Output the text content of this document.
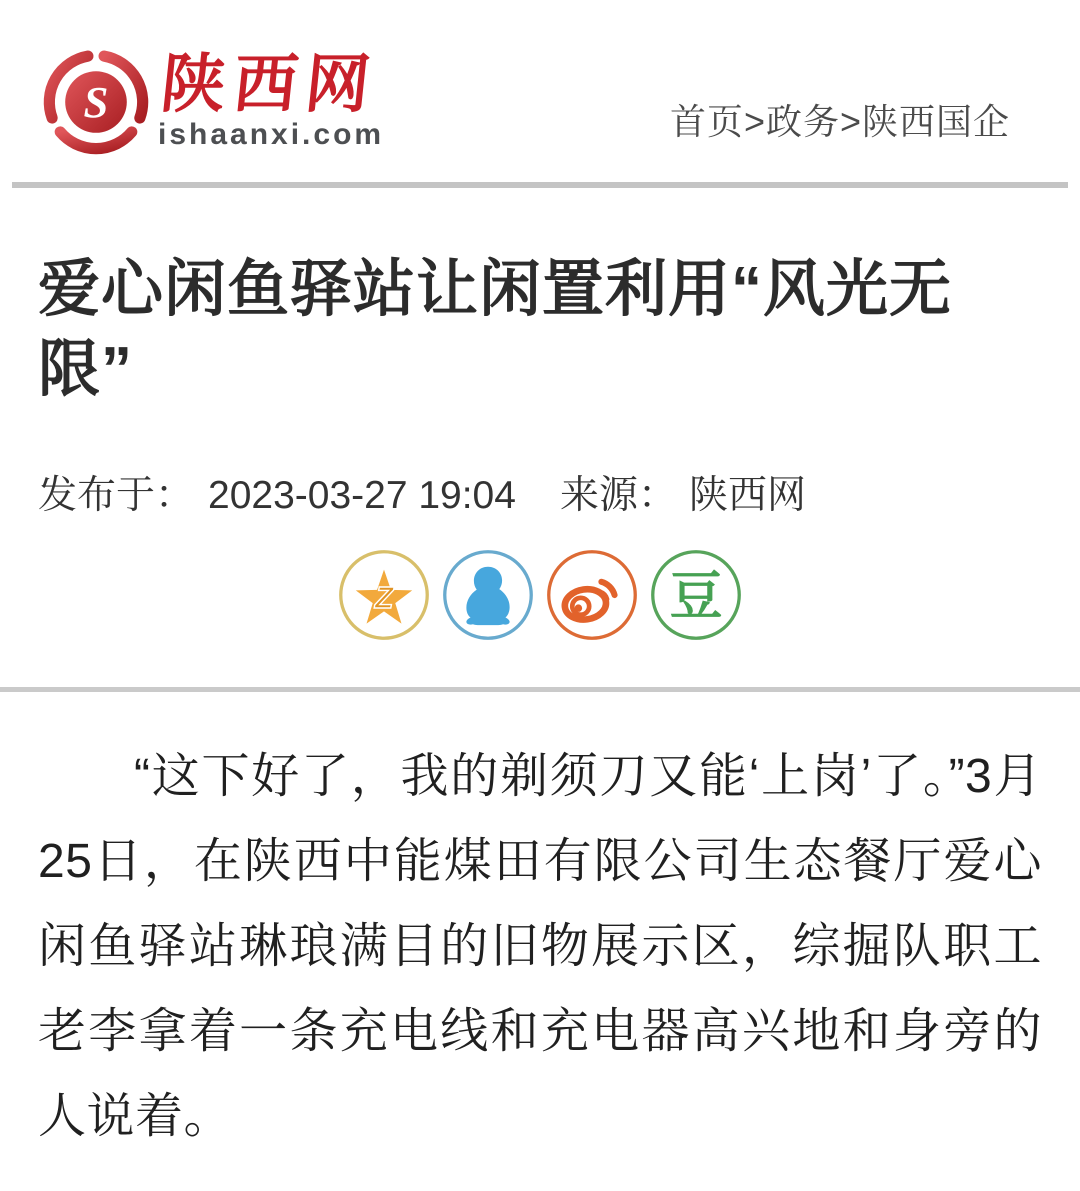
S 陕西网
ishaanxi.com	首页>政务>陕西国企
爱心闲鱼驿站让闲置利用“风光无限”
发布于： 2023-03-27 19:04 来源： 陕西网
Z	豆

“这下好了，我的剃须刀又能‘上岗’了。”3月25日，在陕西中能煤田有限公司生态餐厅爱心闲鱼驿站琳琅满目的旧物展示区，综掘队职工老李拿着一条充电线和充电器高兴地和身旁的人说着。
